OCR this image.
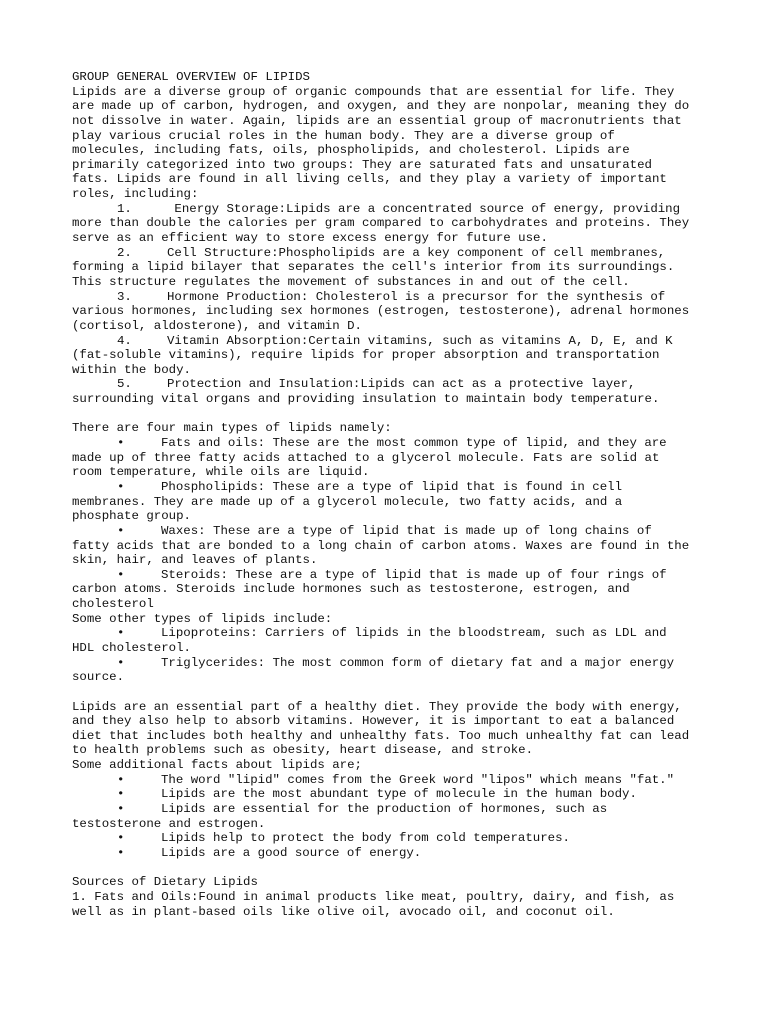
GROUP GENERAL OVERVIEW OF LIPIDS
Lipids are a diverse group of organic compounds that are essential for life. They
are made up of carbon, hydrogen, and oxygen, and they are nonpolar, meaning they do
not dissolve in water. Again, lipids are an essential group of macronutrients that
play various crucial roles in the human body. They are a diverse group of
molecules, including fats, oils, phospholipids, and cholesterol. Lipids are
primarily categorized into two groups: They are saturated fats and unsaturated
fats. Lipids are found in all living cells, and they play a variety of important
roles, including:
1.	Energy Storage:Lipids are a concentrated source of energy, providing
more than double the calories per gram compared to carbohydrates and proteins. They
serve as an efficient way to store excess energy for future use.
2.	Cell Structure:Phospholipids are a key component of cell membranes,
forming a lipid bilayer that separates the cell's interior from its surroundings.
This structure regulates the movement of substances in and out of the cell.
3.	Hormone Production: Cholesterol is a precursor for the synthesis of
various hormones, including sex hormones (estrogen, testosterone), adrenal hormones
(cortisol, aldosterone), and vitamin D.
4.	Vitamin Absorption:Certain vitamins, such as vitamins A, D, E, and K
(fat-soluble vitamins), require lipids for proper absorption and transportation
within the body.
5.	Protection and Insulation:Lipids can act as a protective layer,
surrounding vital organs and providing insulation to maintain body temperature.
There are four main types of lipids namely:
•	Fats and oils: These are the most common type of lipid, and they are
made up of three fatty acids attached to a glycerol molecule. Fats are solid at
room temperature, while oils are liquid.
•	Phospholipids: These are a type of lipid that is found in cell
membranes. They are made up of a glycerol molecule, two fatty acids, and a
phosphate group.
•	Waxes: These are a type of lipid that is made up of long chains of
fatty acids that are bonded to a long chain of carbon atoms. Waxes are found in the
skin, hair, and leaves of plants.
•	Steroids: These are a type of lipid that is made up of four rings of
carbon atoms. Steroids include hormones such as testosterone, estrogen, and
cholesterol
Some other types of lipids include:
•	Lipoproteins: Carriers of lipids in the bloodstream, such as LDL and
HDL cholesterol.
•	Triglycerides: The most common form of dietary fat and a major energy
source.
Lipids are an essential part of a healthy diet. They provide the body with energy,
and they also help to absorb vitamins. However, it is important to eat a balanced
diet that includes both healthy and unhealthy fats. Too much unhealthy fat can lead
to health problems such as obesity, heart disease, and stroke.
Some additional facts about lipids are;
•	The word "lipid" comes from the Greek word "lipos" which means "fat."
•	Lipids are the most abundant type of molecule in the human body.
•	Lipids are essential for the production of hormones, such as
testosterone and estrogen.
•	Lipids help to protect the body from cold temperatures.
•	Lipids are a good source of energy.
Sources of Dietary Lipids
1. Fats and Oils:Found in animal products like meat, poultry, dairy, and fish, as
well as in plant-based oils like olive oil, avocado oil, and coconut oil.
